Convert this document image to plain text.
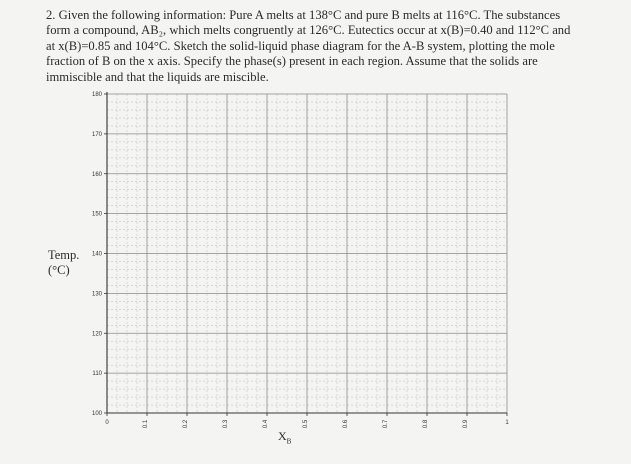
2. Given the following information: Pure A melts at 138°C and pure B melts at 116°C. The substances
form a compound, AB₂, which melts congruently at 126°C. Eutectics occur at x(B)=0.40 and 112°C and
at x(B)=0.85 and 104°C. Sketch the solid-liquid phase diagram for the A-B system, plotting the mole
fraction of B on the x axis. Specify the phase(s) present in each region. Assume that the solids are
immiscible and that the liquids are miscible.
Temp.
(°C)
$X_B$
0	0.1	0.2	0.3	0.4	0.5	0.6	0.7	0.8	0.9	1
100
110
120
130
140
150
160
170
180
